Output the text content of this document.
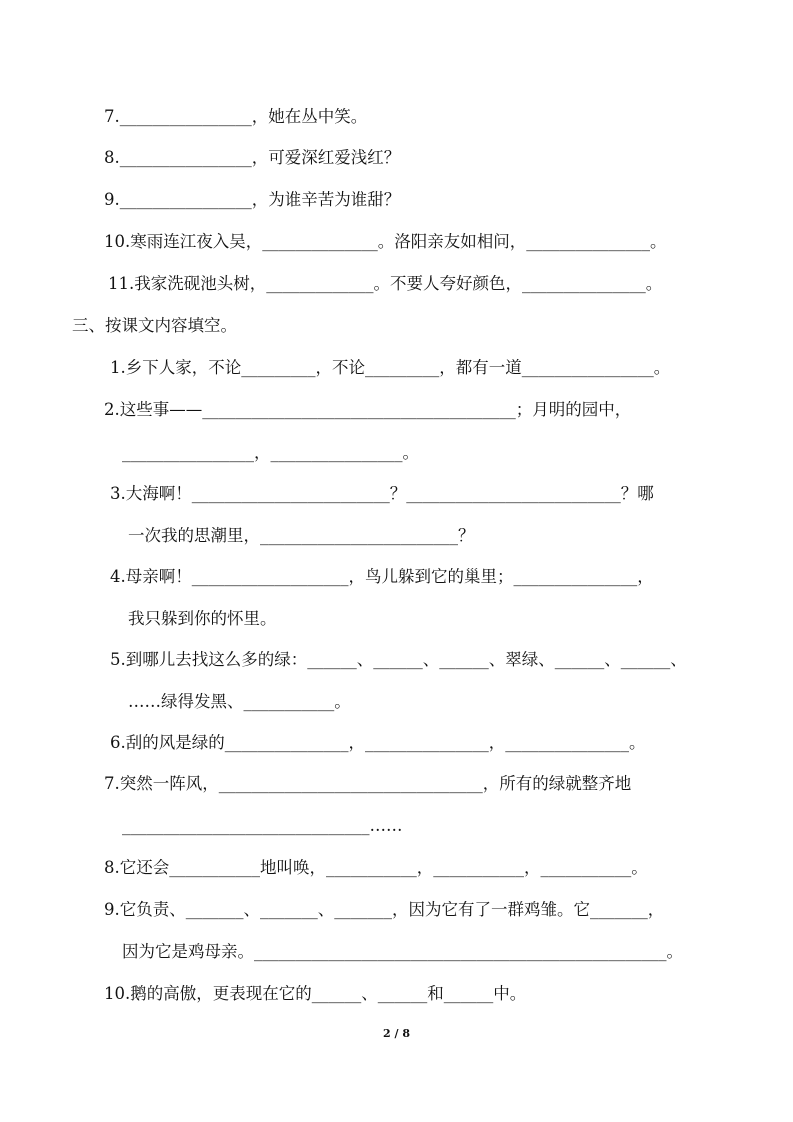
7.________________，她在丛中笑。
8.________________，可爱深红爱浅红？
9.________________，为谁辛苦为谁甜？
10.寒雨连江夜入吴，______________。洛阳亲友如相问，_______________。
11.我家洗砚池头树，_____________。不要人夸好颜色，_______________。
三、按课文内容填空。
1.乡下人家，不论_________，不论_________，都有一道________________。
2.这些事——______________________________________；月明的园中，
________________，________________。
3.大海啊！________________________？__________________________？哪
一次我的思潮里，________________________？
4.母亲啊！___________________，鸟儿躲到它的巢里；_______________，
我只躲到你的怀里。
5.到哪儿去找这么多的绿：______、______、______、翠绿、______、______、
……绿得发黑、___________。
6.刮的风是绿的_______________，_______________，_______________。
7.突然一阵风，________________________________，所有的绿就整齐地
______________________________……
8.它还会___________地叫唤，___________，___________，___________。
9.它负责、_______、_______、_______，因为它有了一群鸡雏。它_______，
因为它是鸡母亲。__________________________________________________。
10.鹅的高傲，更表现在它的______、______和______中。
2 / 8
